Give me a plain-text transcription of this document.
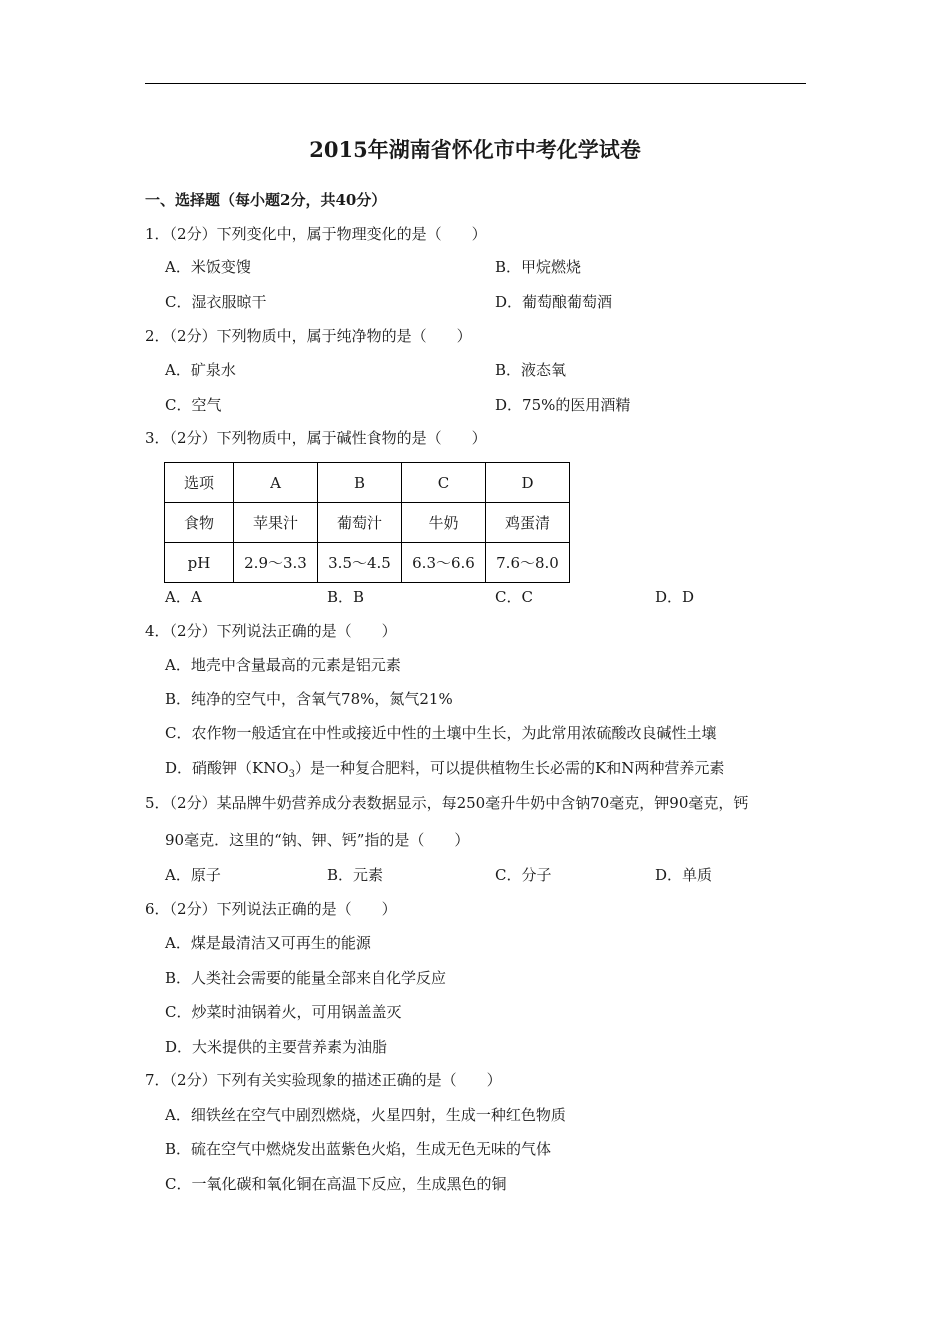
2015年湖南省怀化市中考化学试卷
一、选择题（每小题2分，共40分）
1．（2分）下列变化中，属于物理变化的是（　　）
A．米饭变馊	B．甲烷燃烧
C．湿衣服晾干	D．葡萄酿葡萄酒
2．（2分）下列物质中，属于纯净物的是（　　）
A．矿泉水	B．液态氧
C．空气	D．75%的医用酒精
3．（2分）下列物质中，属于碱性食物的是（　　）
选项	A	B	C	D
食物	苹果汁	葡萄汁	牛奶	鸡蛋清
pH	2.9～3.3	3.5～4.5	6.3～6.6	7.6～8.0
A．A	B．B	C．C	D．D
4．（2分）下列说法正确的是（　　）
A．地壳中含量最高的元素是铝元素
B．纯净的空气中，含氧气78%，氮气21%
C．农作物一般适宜在中性或接近中性的土壤中生长，为此常用浓硫酸改良碱性土壤
D．硝酸钾$(KNO_3)$是一种复合肥料，可以提供植物生长必需的K和N两种营养元素
5．（2分）某品牌牛奶营养成分表数据显示，每250毫升牛奶中含钠70毫克，钾90毫克，钙
90毫克．这里的“钠、钾、钙”指的是（　　）
A．原子	B．元素	C．分子	D．单质
6．（2分）下列说法正确的是（　　）
A．煤是最清洁又可再生的能源
B．人类社会需要的能量全部来自化学反应
C．炒菜时油锅着火，可用锅盖盖灭
D．大米提供的主要营养素为油脂
7．（2分）下列有关实验现象的描述正确的是（　　）
A．细铁丝在空气中剧烈燃烧，火星四射，生成一种红色物质
B．硫在空气中燃烧发出蓝紫色火焰，生成无色无味的气体
C．一氧化碳和氧化铜在高温下反应，生成黑色的铜
